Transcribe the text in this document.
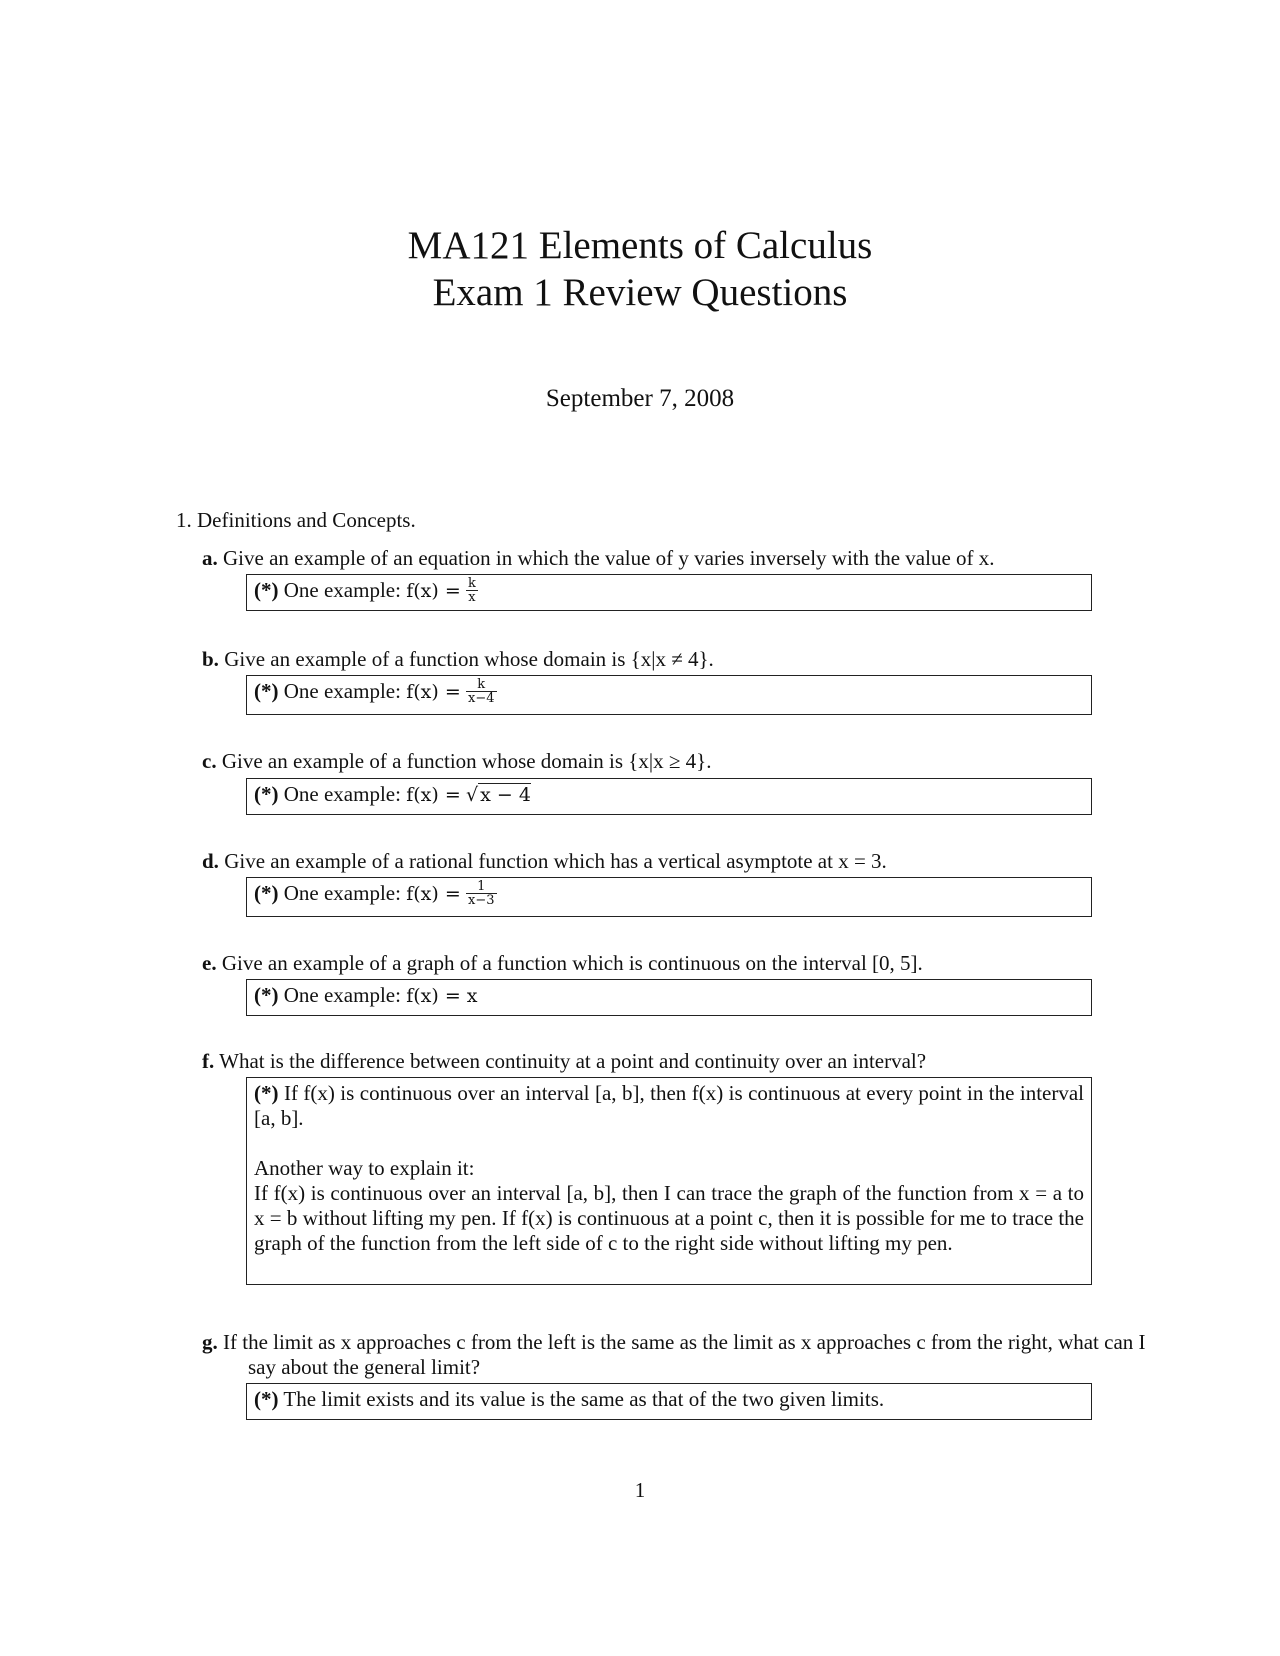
MA121 Elements of Calculus
Exam 1 Review Questions
September 7, 2008
1. Definitions and Concepts.
a. Give an example of an equation in which the value of y varies inversely with the value of x.
(*) One example: $f(x) = \frac{k}{x}$
b. Give an example of a function whose domain is {x|x ≠ 4}.
(*) One example: $f(x) = \frac{k}{x-4}$
c. Give an example of a function whose domain is {x|x ≥ 4}.
(*) One example: f(x) = √ x − 4
d. Give an example of a rational function which has a vertical asymptote at x = 3.
(*) One example: $f(x) = \frac{1}{x-3}$
e. Give an example of a graph of a function which is continuous on the interval [0, 5].
(*) One example: f(x) = x
f. What is the difference between continuity at a point and continuity over an interval?
(*) If f(x) is continuous over an interval [a, b], then f(x) is continuous at every point in the interval [a, b].
Another way to explain it:
If f(x) is continuous over an interval [a, b], then I can trace the graph of the function from x = a to x = b without lifting my pen. If f(x) is continuous at a point c, then it is possible for me to trace the graph of the function from the left side of c to the right side without lifting my pen.
g. If the limit as x approaches c from the left is the same as the limit as x approaches c from the right, what can I say about the general limit?
(*) The limit exists and its value is the same as that of the two given limits.
1
